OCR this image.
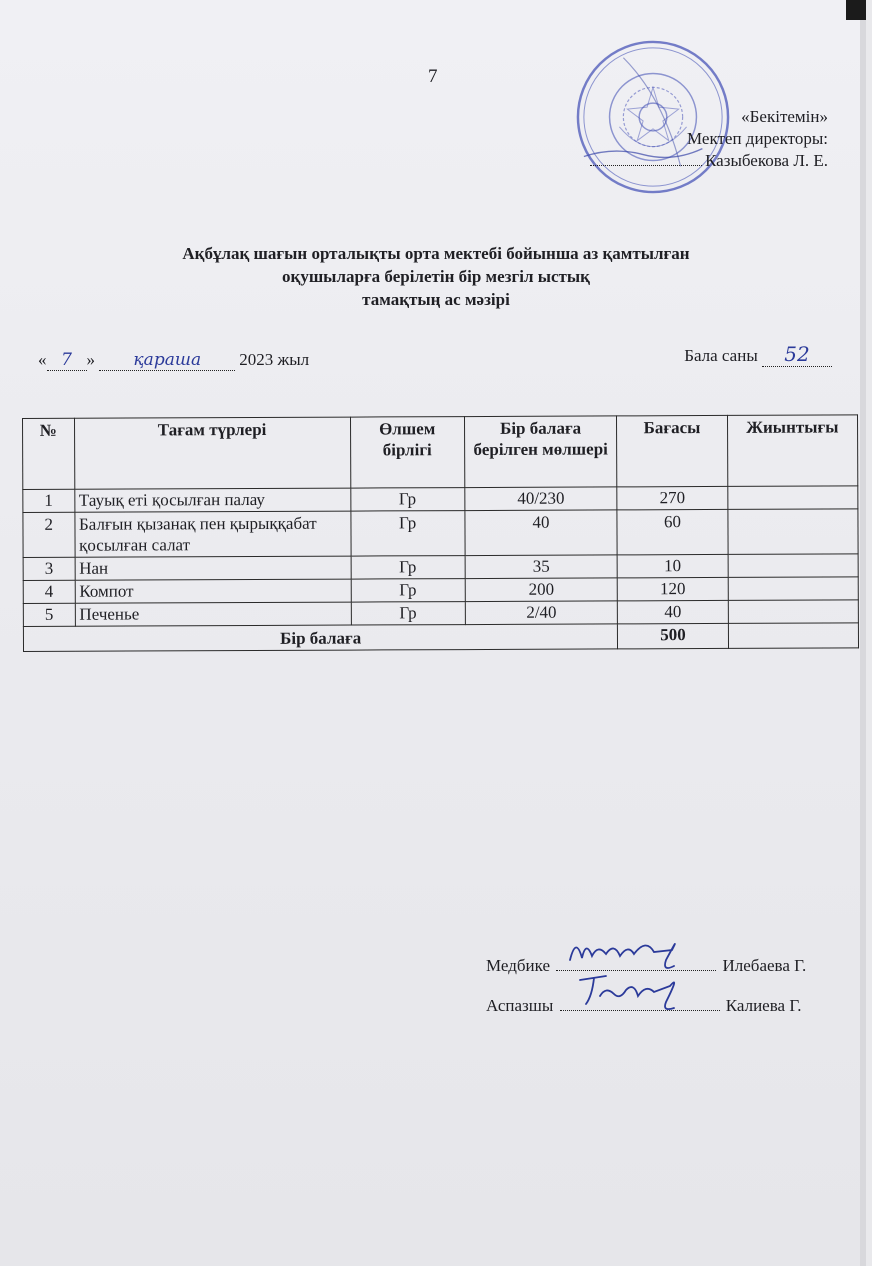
7
«Бекітемін»
Мектеп директоры:
Казыбекова Л. Е.
Ақбұлақ шағын орталықты орта мектебі бойынша аз қамтылған
оқушыларға берілетін бір мезгіл ыстық
тамақтың ас мәзірі
« 7 » қараша 2023 жыл	Бала саны 52
№	Тағам түрлері	Өлшем бірлігі	Бір балаға берілген мөлшері	Бағасы	Жиынтығы
1	Тауық еті қосылған палау	Гр	40/230	270	
2	Балғын қызанақ пен қырыққабат қосылған салат	Гр	40	60	
3	Нан	Гр	35	10	
4	Компот	Гр	200	120	
5	Печенье	Гр	2/40	40	
Бір балаға				500	
Медбике	Илебаева Г.
Аспазшы	Калиева Г.
